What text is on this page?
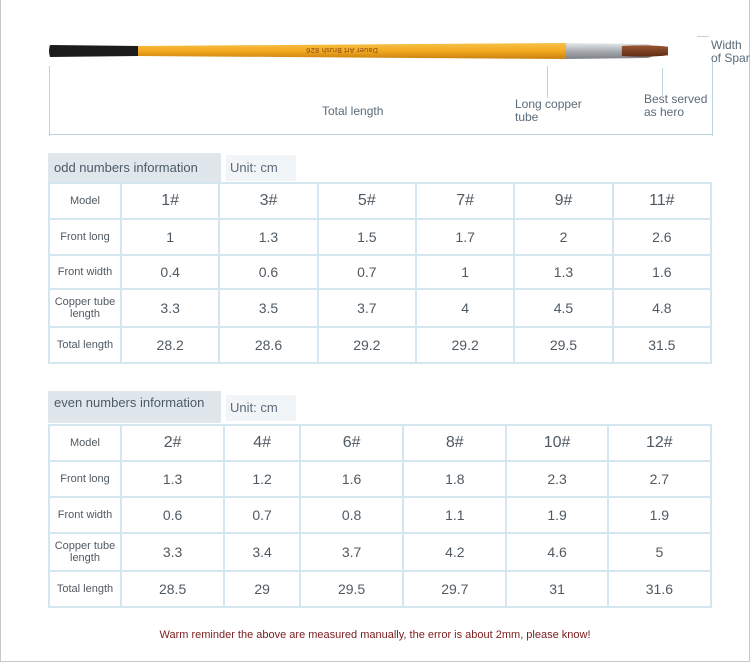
Dauer Art Brush 826	Width of Spar
Total length	Long copper tube
Best served as hero
odd numbers information	Unit: cm
Model	1#	3#	5#	7#	9#	11#
Front long	1	1.3	1.5	1.7	2	2.6
Front width	0.4	0.6	0.7	1	1.3	1.6
Copper tube length	3.3	3.5	3.7	4	4.5	4.8
Total length	28.2	28.6	29.2	29.2	29.5	31.5
even numbers information	Unit: cm
Model	2#	4#	6#	8#	10#	12#
Front long	1.3	1.2	1.6	1.8	2.3	2.7
Front width	0.6	0.7	0.8	1.1	1.9	1.9
Copper tube length	3.3	3.4	3.7	4.2	4.6	5
Total length	28.5	29	29.5	29.7	31	31.6
Warm reminder the above are measured manually, the error is about 2mm, please know!
